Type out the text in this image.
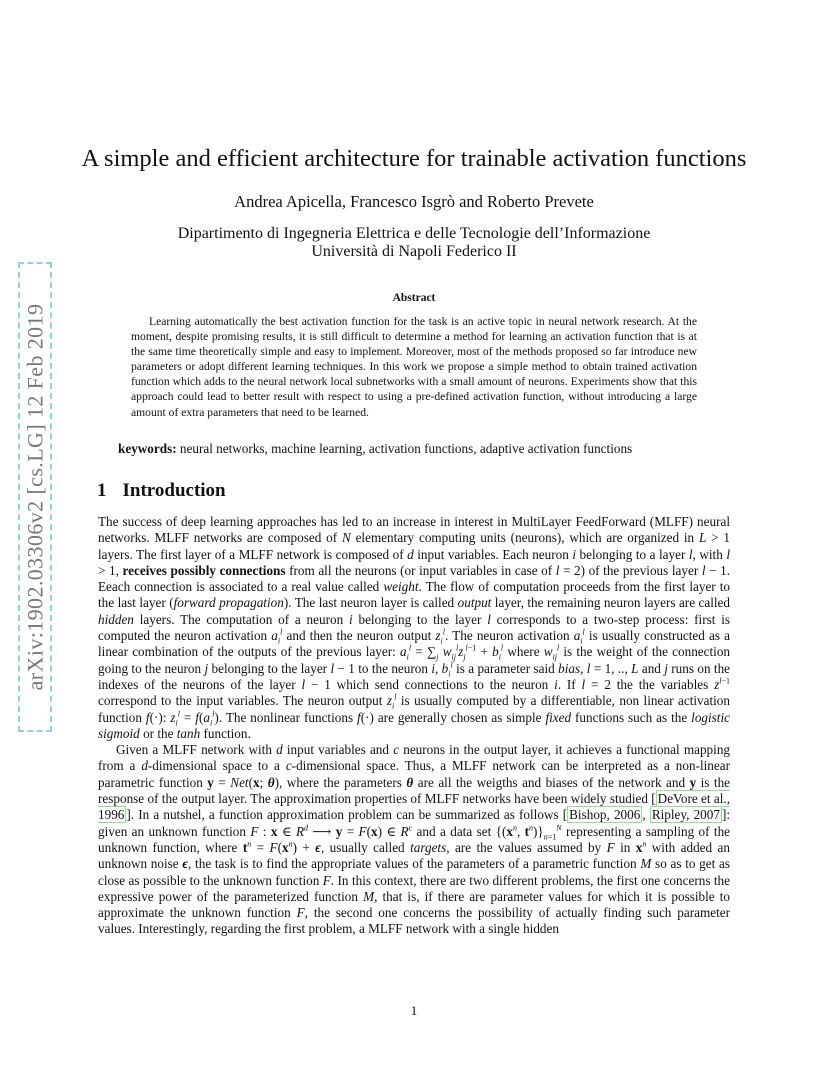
arXiv:1902.03306v2 [cs.LG] 12 Feb 2019
A simple and efficient architecture for trainable activation functions
Andrea Apicella, Francesco Isgrò and Roberto Prevete
Dipartimento di Ingegneria Elettrica e delle Tecnologie dell’Informazione
Università di Napoli Federico II
Abstract
Learning automatically the best activation function for the task is an active topic in neural network research. At the moment, despite promising results, it is still difficult to determine a method for learning an activation function that is at the same time theoretically simple and easy to implement. Moreover, most of the methods proposed so far introduce new parameters or adopt different learning techniques. In this work we propose a simple method to obtain trained activation function which adds to the neural network local subnetworks with a small amount of neurons. Experiments show that this approach could lead to better result with respect to using a pre-defined activation function, without introducing a large amount of extra parameters that need to be learned.
keywords: neural networks, machine learning, activation functions, adaptive activation functions
1 Introduction

The success of deep learning approaches has led to an increase in interest in MultiLayer FeedForward (MLFF) neural networks. MLFF networks are composed of N elementary computing units (neurons), which are organized in L > 1 layers. The first layer of a MLFF network is composed of d input variables. Each neuron i belonging to a layer l, with l > 1, receives possibly connections from all the neurons (or input variables in case of l = 2) of the previous layer l − 1. Eeach connection is associated to a real value called weight. The flow of computation proceeds from the first layer to the last layer (forward propagation). The last neuron layer is called output layer, the remaining neuron layers are called hidden layers. The computation of a neuron i belonging to the layer l corresponds to a two-step process: first is computed the neuron activation $a_i^l$ and then the neuron output $z_i^l$. The neuron activation $a_i^l$ is usually constructed as a linear combination of the outputs of the previous layer: $a_i^l = \sum_j$ $w_{ij}^lz_j^{l-1} + b_i^l$ where $w_{ij}^l$ is the weight of the connection going to the neuron j belonging to the layer l − 1 to the neuron i, $b_i^l$ is a parameter said bias, l = 1, .., L and j runs on the indexes of the neurons of the layer l − 1 which send connections to the neuron i. If l = 2 the the variables $z^{l-1}$ correspond to the input variables. The neuron output $z_i^l$ is usually computed by a differentiable, non linear activation function f(·): $z_i^l = f(a_i^l)$. The nonlinear functions f(·) are generally chosen as simple fixed functions such as the logistic sigmoid or the tanh function.

Given a MLFF network with d input variables and c neurons in the output layer, it achieves a functional mapping from a d-dimensional space to a c-dimensional space. Thus, a MLFF network can be interpreted as a non-linear parametric function y = Net(x; θ), where the parameters θ are all the weigths and biases of the network and y is the response of the output layer. The approximation properties of MLFF networks have been widely studied [ DeVore et al., 1996 ]. In a nutshel, a function approximation problem can be summarized as follows [ Bishop, 2006 , Ripley, 2007 ]: given an unknown function F : x ∈ $R^d$ ⟶ y = F(x) ∈ $R^c$ and a data set {($x^n$, $t^n)\}_{n=1}^N$ representing a sampling of the unknown function, where $t^n = F(x^n) + \epsilon$, usually called targets, are the values assumed by F in $x^n$ with added an unknown noise ϵ, the task is to find the appropriate values of the parameters of a parametric function M so as to get as close as possible to the unknown function F. In this context, there are two different problems, the first one concerns the expressive power of the parameterized function M, that is, if there are parameter values for which it is possible to approximate the unknown function F, the second one concerns the possibility of actually finding such parameter values. Interestingly, regarding the first problem, a MLFF network with a single hidden

1
